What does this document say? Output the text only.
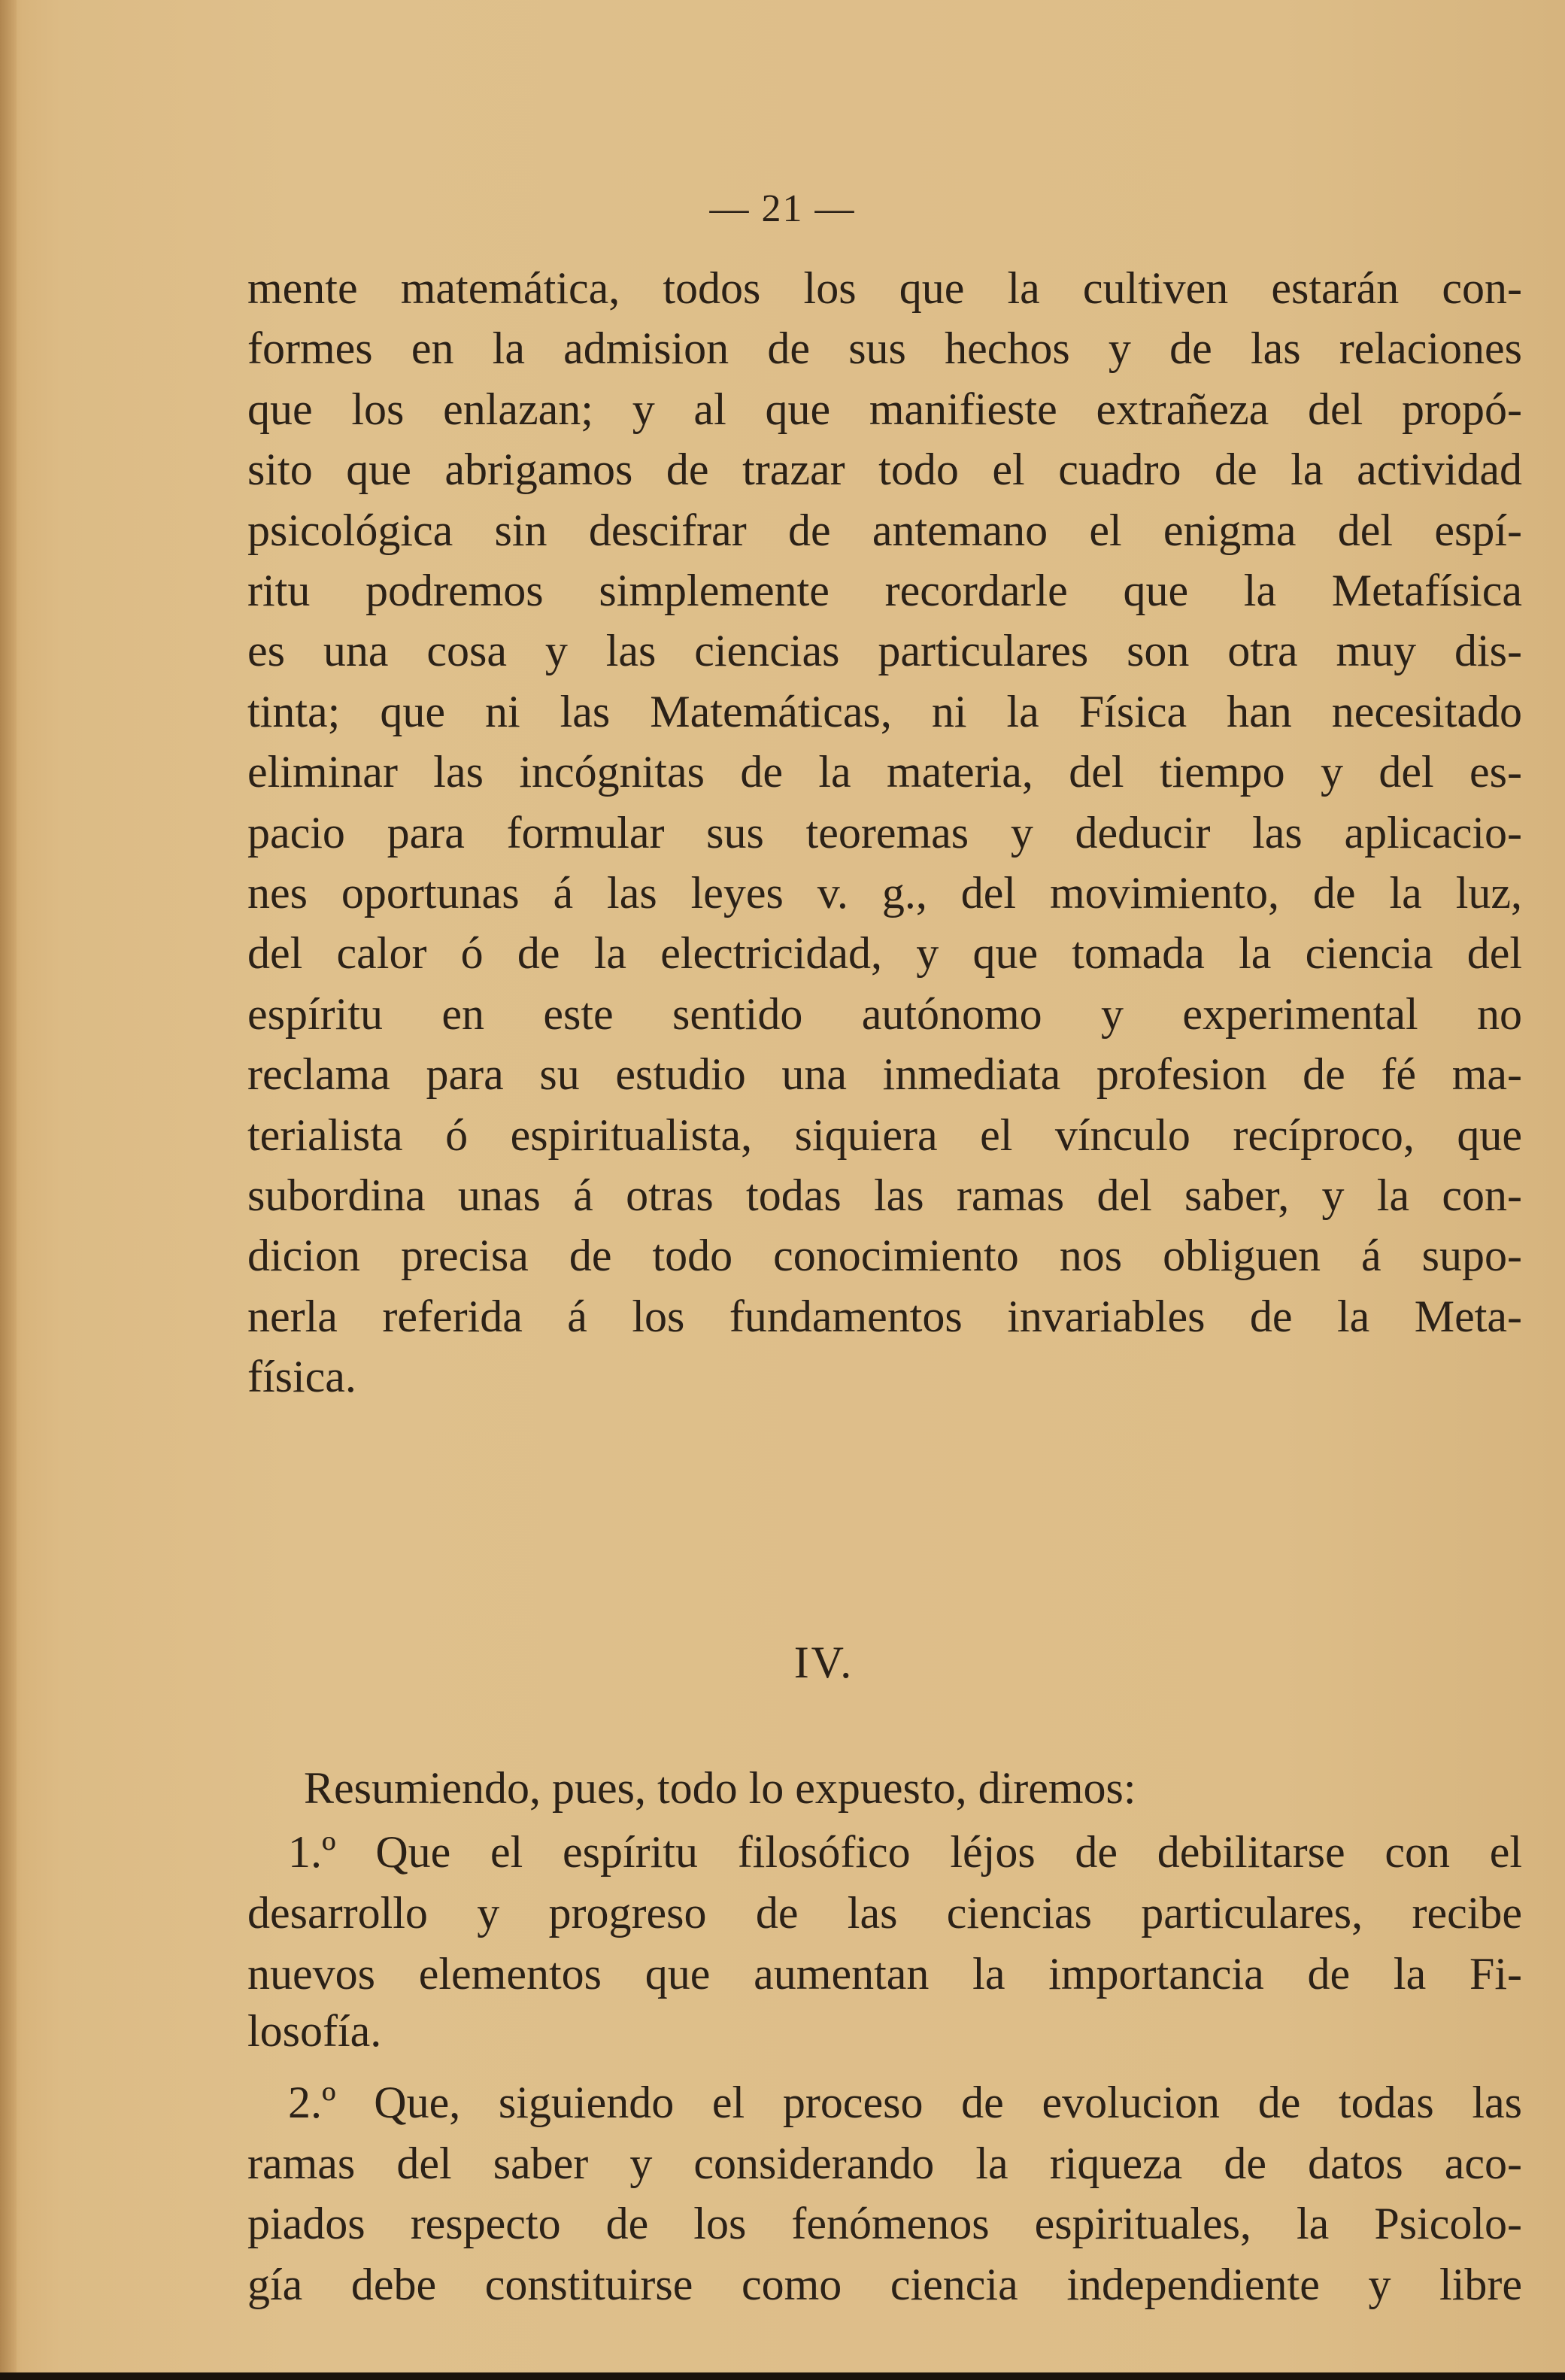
— 21 —
mente matemática, todos los que la cultiven estarán con-
formes en la admision de sus hechos y de las relaciones
que los enlazan; y al que manifieste extrañeza del propó-
sito que abrigamos de trazar todo el cuadro de la actividad
psicológica sin descifrar de antemano el enigma del espí-
ritu podremos simplemente recordarle que la Metafísica
es una cosa y las ciencias particulares son otra muy dis-
tinta; que ni las Matemáticas, ni la Física han necesitado
eliminar las incógnitas de la materia, del tiempo y del es-
pacio para formular sus teoremas y deducir las aplicacio-
nes oportunas á las leyes v. g., del movimiento, de la luz,
del calor ó de la electricidad, y que tomada la ciencia del
espíritu en este sentido autónomo y experimental no
reclama para su estudio una inmediata profesion de fé ma-
terialista ó espiritualista, siquiera el vínculo recíproco, que
subordina unas á otras todas las ramas del saber, y la con-
dicion precisa de todo conocimiento nos obliguen á supo-
nerla referida á los fundamentos invariables de la Meta-
física.
IV.
Resumiendo, pues, todo lo expuesto, diremos:
1.º Que el espíritu filosófico léjos de debilitarse con el
desarrollo y progreso de las ciencias particulares, recibe
nuevos elementos que aumentan la importancia de la Fi-
losofía.
2.º Que, siguiendo el proceso de evolucion de todas las
ramas del saber y considerando la riqueza de datos aco-
piados respecto de los fenómenos espirituales, la Psicolo-
gía debe constituirse como ciencia independiente y libre
